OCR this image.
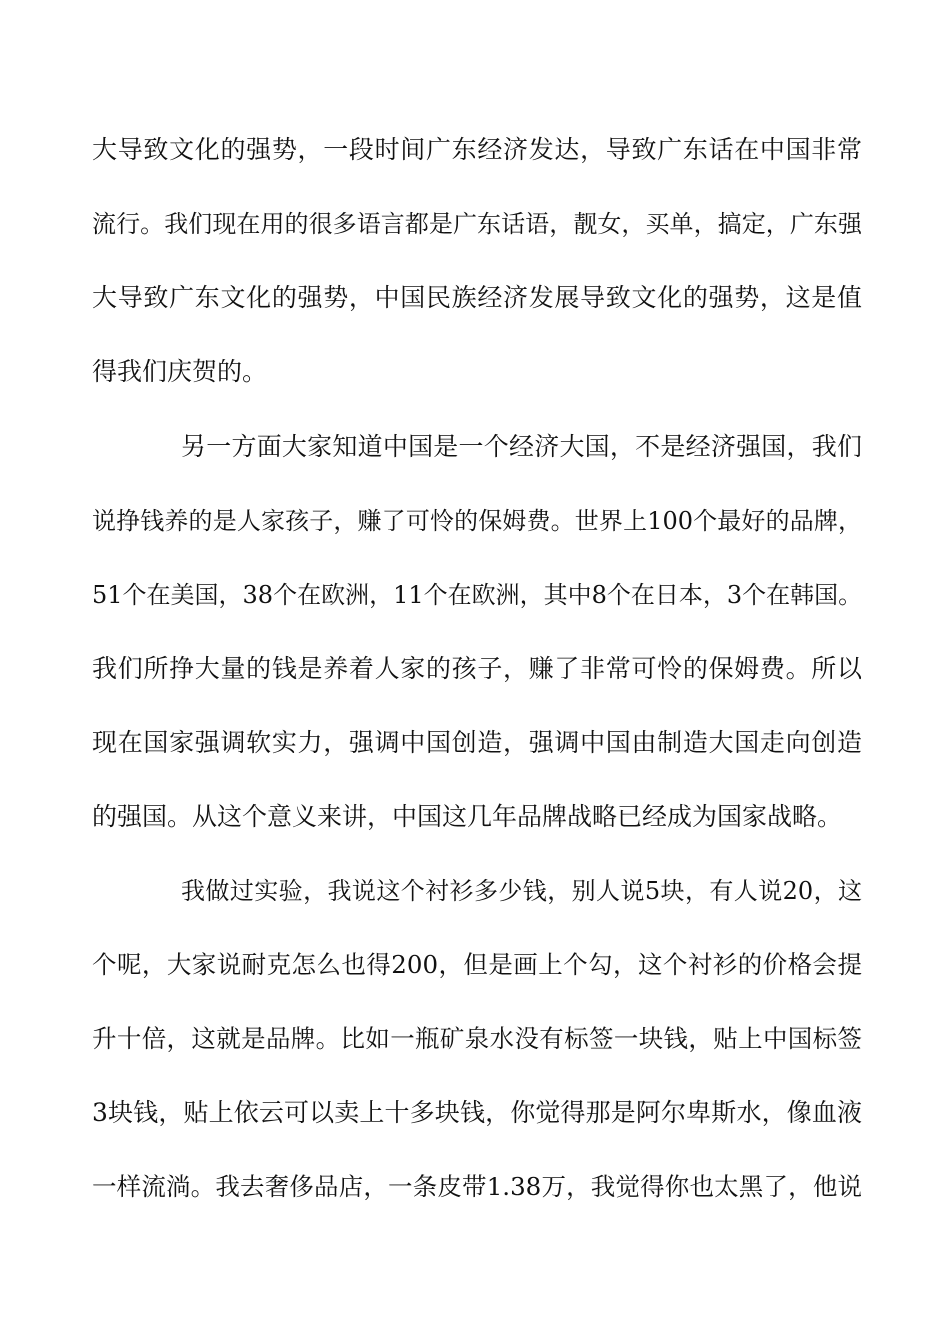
大导致文化的强势，一段时间广东经济发达，导致广东话在中国非常
流行。我们现在用的很多语言都是广东话语，靓女，买单，搞定，广东强
大导致广东文化的强势，中国民族经济发展导致文化的强势，这是值
得我们庆贺的。
另一方面大家知道中国是一个经济大国，不是经济强国，我们
说挣钱养的是人家孩子，赚了可怜的保姆费。世界上100个最好的品牌，
51个在美国，38个在欧洲，11个在欧洲，其中8个在日本，3个在韩国。
我们所挣大量的钱是养着人家的孩子，赚了非常可怜的保姆费。所以
现在国家强调软实力，强调中国创造，强调中国由制造大国走向创造
的强国。从这个意义来讲，中国这几年品牌战略已经成为国家战略。
我做过实验，我说这个衬衫多少钱，别人说5块，有人说20，这
个呢，大家说耐克怎么也得200，但是画上个勾，这个衬衫的价格会提
升十倍，这就是品牌。比如一瓶矿泉水没有标签一块钱，贴上中国标签
3块钱，贴上依云可以卖上十多块钱，你觉得那是阿尔卑斯水，像血液
一样流淌。我去奢侈品店，一条皮带1.38万，我觉得你也太黑了，他说
